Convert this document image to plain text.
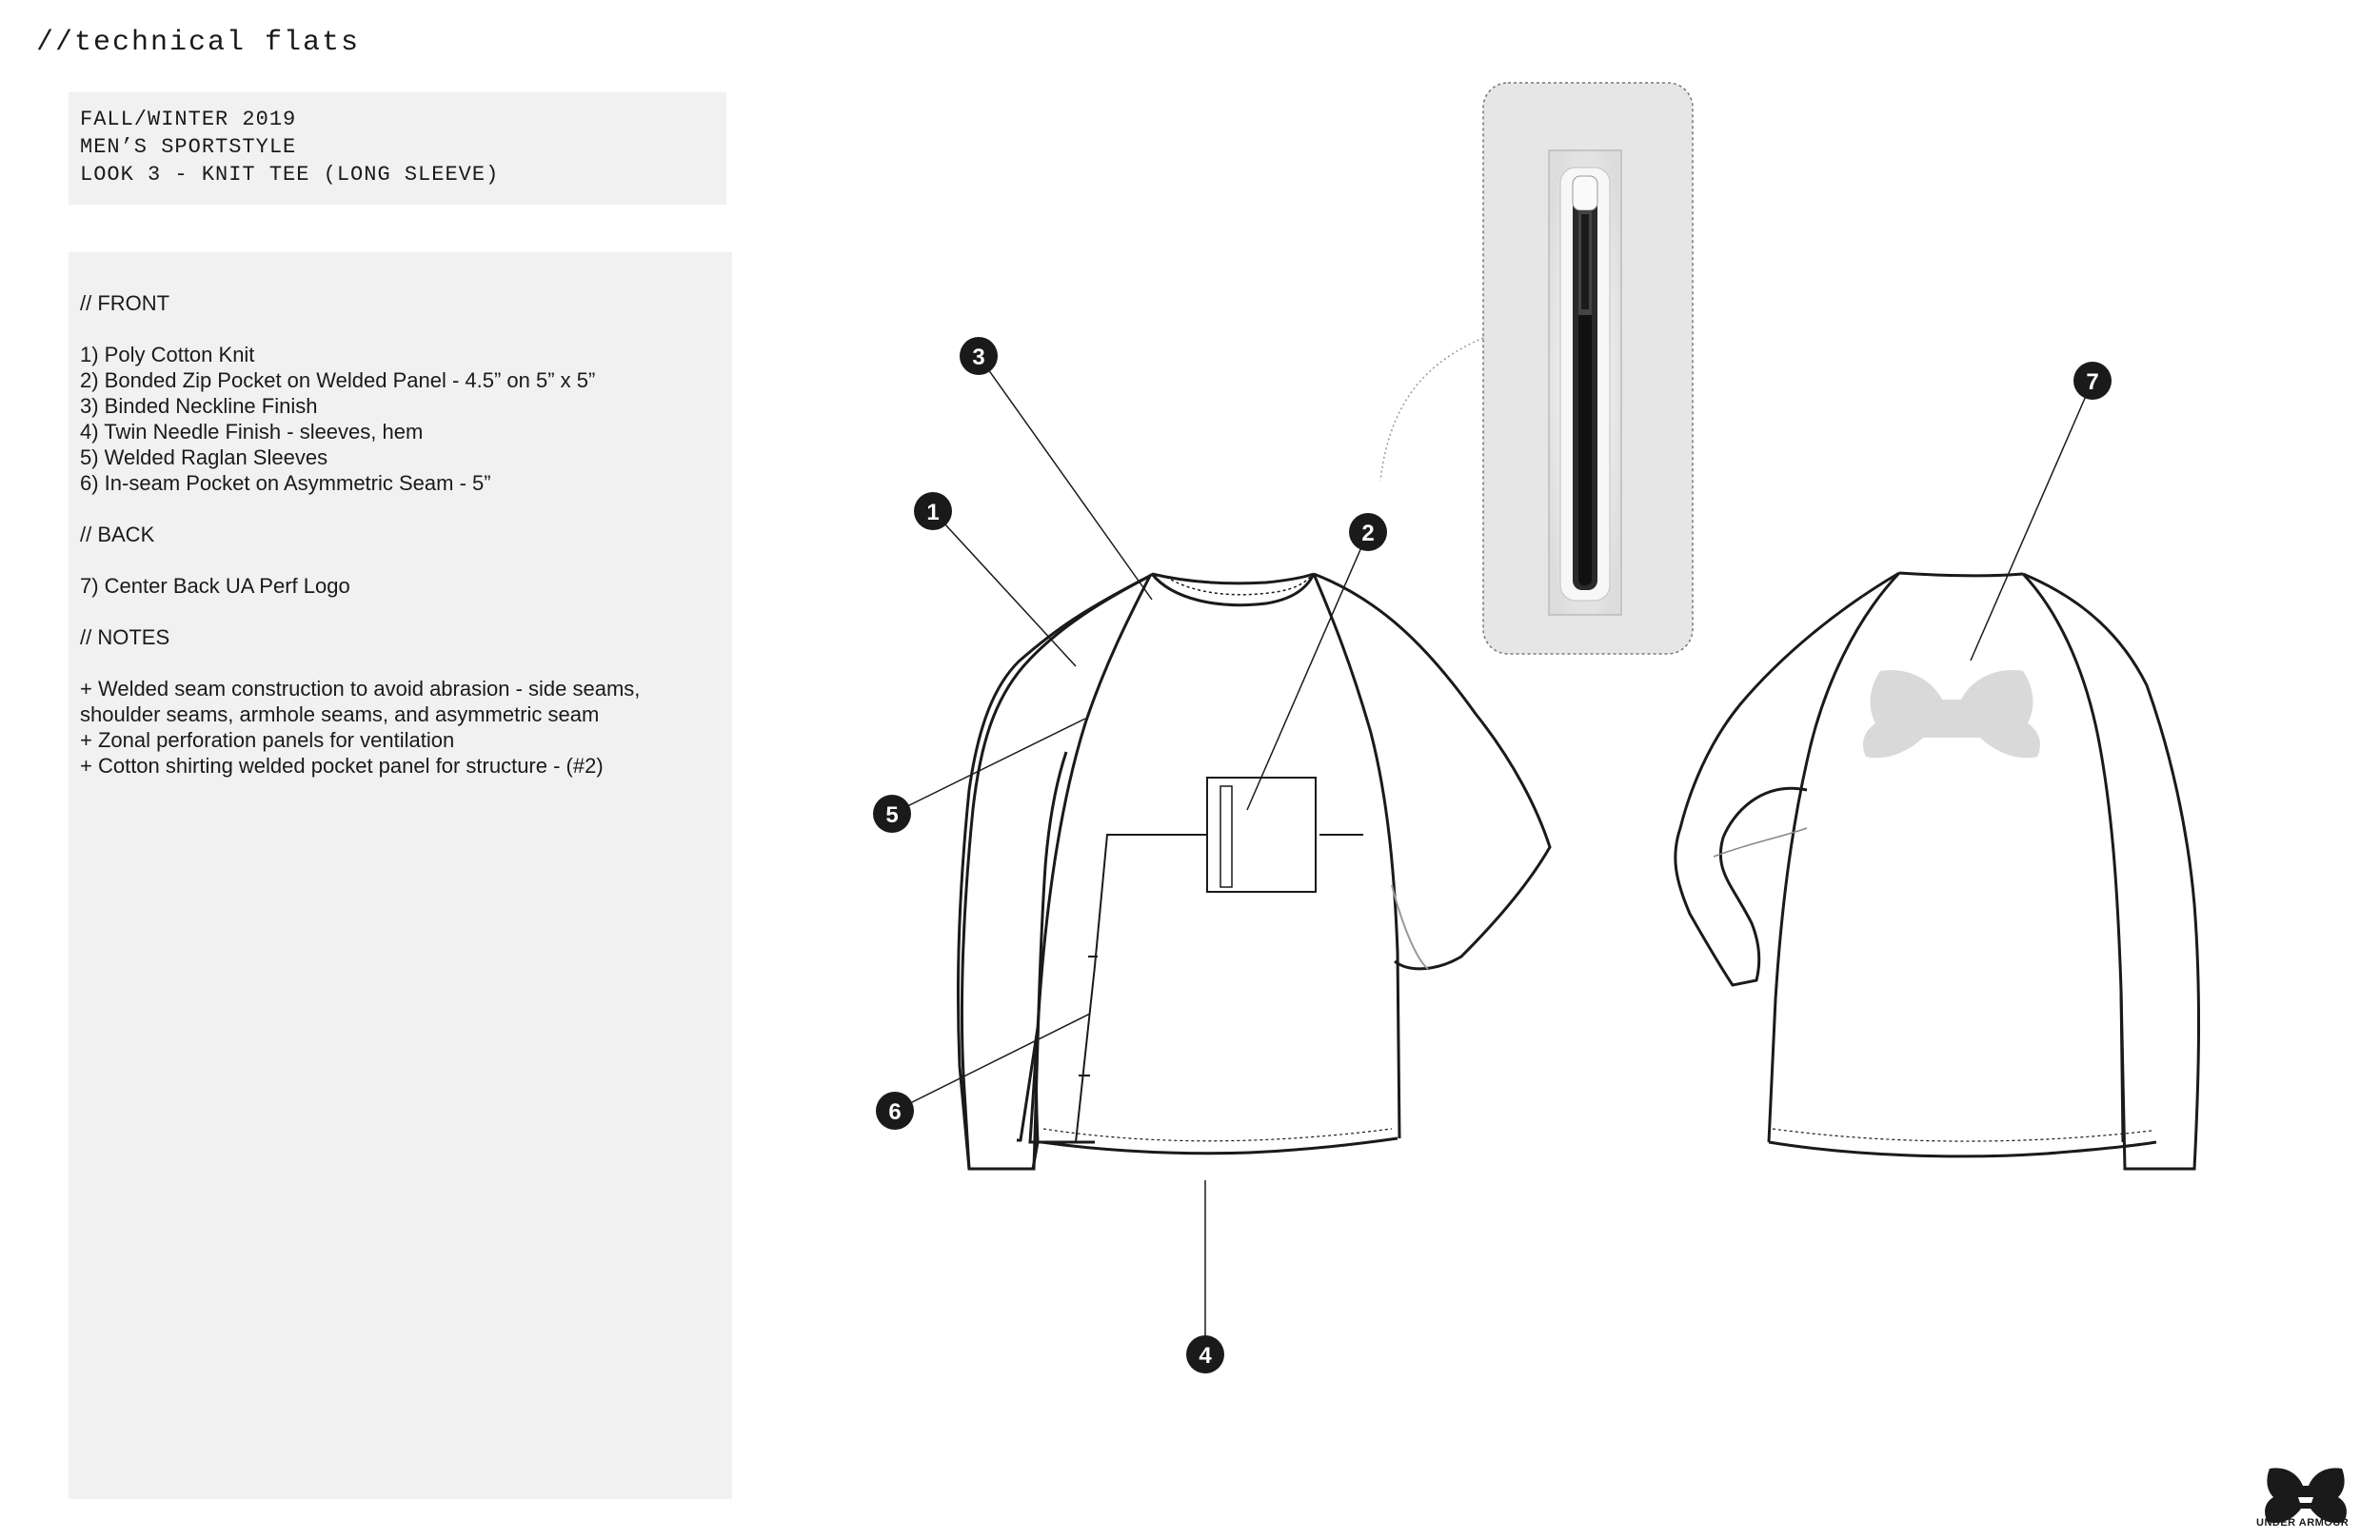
//technical flats
FALL/WINTER 2019
MEN’S SPORTSTYLE
LOOK 3 - KNIT TEE (LONG SLEEVE)
// FRONT
1) Poly Cotton Knit
2) Bonded Zip Pocket on Welded Panel - 4.5” on 5” x 5”
3) Binded Neckline Finish
4) Twin Needle Finish - sleeves, hem
5) Welded Raglan Sleeves
6) In-seam Pocket on Asymmetric Seam - 5”
// BACK
7) Center Back UA Perf Logo
// NOTES
+ Welded seam construction to avoid abrasion - side seams,
shoulder seams, armhole seams, and asymmetric seam
+ Zonal perforation panels for ventilation
+ Cotton shirting welded pocket panel for structure - (#2)
1
2
3
4
5
6
7
UNDER ARMOUR
